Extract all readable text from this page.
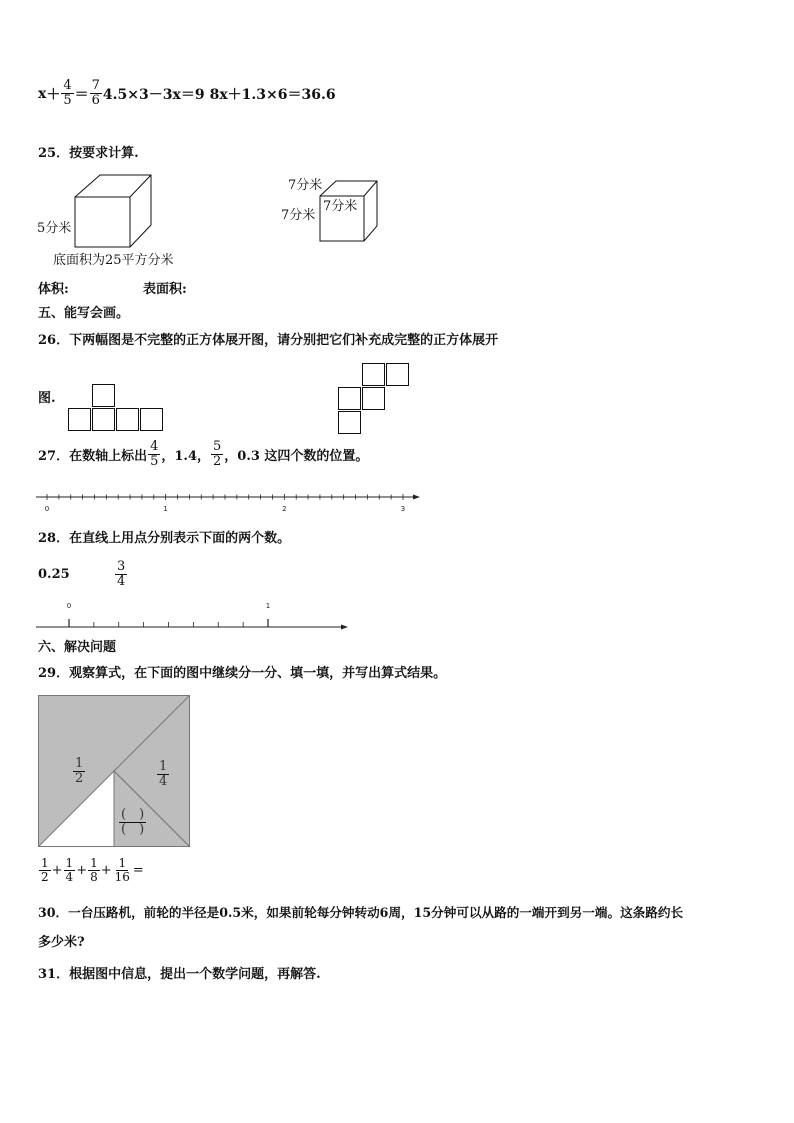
$x + \frac{4}{5} = \frac{7}{6} 4.5\times 3-3x=9$ 8x＋1.3×6＝36.6
25．按要求计算.
5分米
底面积为25平方分米
7分米
7分米
7分米
体积:	表面积:
五、能写会画。
26．下两幅图是不完整的正方体展开图，请分别把它们补充成完整的正方体展开
图.
27．在数轴上标出 $\frac{4}{5}$ ，1.4， $\frac{5}{2}$ ，0.3 这四个数的位置。
0	1	2	3
28．在直线上用点分别表示下面的两个数。
0.25	$\frac{3}{4}$
0	1
六、解决问题
29．观察算式，在下面的图中继续分一分、填一填，并写出算式结果。
$\frac{1}{2}$	$\frac{1}{4}$
(　)
(　)
$\frac{1}{2} + \frac{1}{4} + \frac{1}{8} + \frac{1}{16}$ =
30．一台压路机，前轮的半径是0.5米，如果前轮每分钟转动6周，15分钟可以从路的一端开到另一端。这条路约长
多少米?
31．根据图中信息，提出一个数学问题，再解答.
